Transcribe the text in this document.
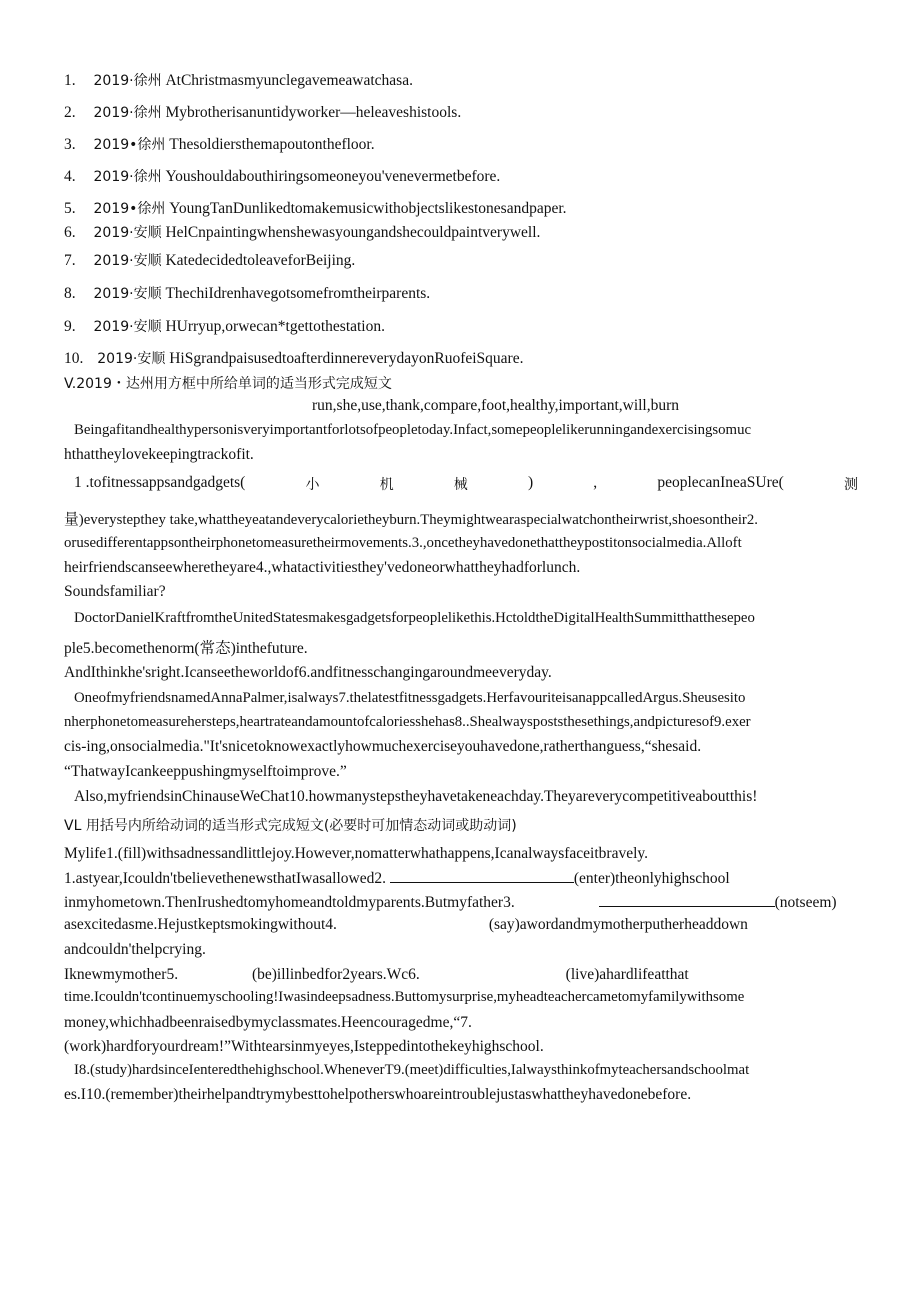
1. 2019·徐州 AtChristmasmyunclegavemeawatchasa.
2. 2019·徐州 Mybrotherisanuntidyworker—heleaveshistools.
3. 2019•徐州 Thesoldiersthemapoutonthefloor.
4. 2019·徐州 Youshouldabouthiringsomeoneyou'venevermetbefore.
5. 2019•徐州 YoungTanDunlikedtomakemusicwithobjectslikestonesandpaper.
6. 2019·安顺 HelCnpaintingwhenshewasyoungandshecouldpaintverywell.
7. 2019·安顺 KatedecidedtoleaveforBeijing.
8. 2019·安顺 ThechiIdrenhavegotsomefromtheirparents.
9. 2019·安顺 HUrryup,orwecan*tgettothestation.
10. 2019·安顺 HiSgrandpaisusedtoafterdinnereverydayonRuofeiSquare.
V.2019・达州用方框中所给单词的适当形式完成短文
run,she,use,thank,compare,foot,healthy,important,will,burn
Beingafitandhealthypersonisveryimportantforlotsofpeopletoday.Infact,somepeoplelikerunningandexercisingsomuc
hthattheylovekeepingtrackofit.
1 .tofitnessappsandgadgets(	小	机	械	)	,	peoplecanIneaSUre(	测
量)everystepthey take,whattheyeatandeverycalorietheyburn.Theymightwearaspecialwatchontheirwrist,shoesontheir2.
orusedifferentappsontheirphonetomeasuretheirmovements.3.,oncetheyhavedonethattheypostitonsocialmedia.Alloft
heirfriendscanseewheretheyare4.,whatactivitiesthey'vedoneorwhattheyhadforlunch.
Soundsfamiliar?
DoctorDanielKraftfromtheUnitedStatesmakesgadgetsforpeoplelikethis.HctoldtheDigitalHealthSummitthatthesepeo
ple5.becomethenorm(常态)inthefuture.
AndIthinkhe'sright.Icanseetheworldof6.andfitnesschangingaroundmeeveryday.
OneofmyfriendsnamedAnnaPalmer,isalways7.thelatestfitnessgadgets.HerfavouriteisanappcalledArgus.Sheusesito
nherphonetomeasurehersteps,heartrateandamountofcaloriesshehas8..Shealwayspoststhesethings,andpicturesof9.exer
cis-ing,onsocialmedia."It'snicetoknowexactlyhowmuchexerciseyouhavedone,ratherthanguess,“shesaid.
“ThatwayIcankeeppushingmyselftoimprove.”
Also,myfriendsinChinauseWeChat10.howmanystepstheyhavetakeneachday.Theyareverycompetitiveaboutthis!
VL 用括号内所给动词的适当形式完成短文(必要时可加情态动词或助动词)
Mylife1.(fill)withsadnessandlittlejoy.However,nomatterwhathappens,Icanalwaysfaceitbravely.
1.astyear,Icouldn'tbelievethenewsthatIwasallowed2.	(enter)theonlyhighschool
inmyhometown.ThenIrushedtomyhomeandtoldmyparents.Butmyfather3.	(notseem)
asexcitedasme.Hejustkeptsmokingwithout4.	(say)awordandmymotherputherheaddown
andcouldn'thelpcrying.
Iknewmymother5.	(be)illinbedfor2years.Wc6.	(live)ahardlifeatthat
time.Icouldn'tcontinuemyschooling!Iwasindeepsadness.Buttomysurprise,myheadteachercametomyfamilywithsome
money,whichhadbeenraisedbymyclassmates.Heencouragedme,“7.
(work)hardforyourdream!”Withtearsinmyeyes,Isteppedintothekeyhighschool.
I8.(study)hardsinceIenteredthehighschool.WheneverT9.(meet)difficulties,Ialwaysthinkofmyteachersandschoolmat
es.I10.(remember)theirhelpandtrymybesttohelpotherswhoareintroublejustaswhattheyhavedonebefore.
